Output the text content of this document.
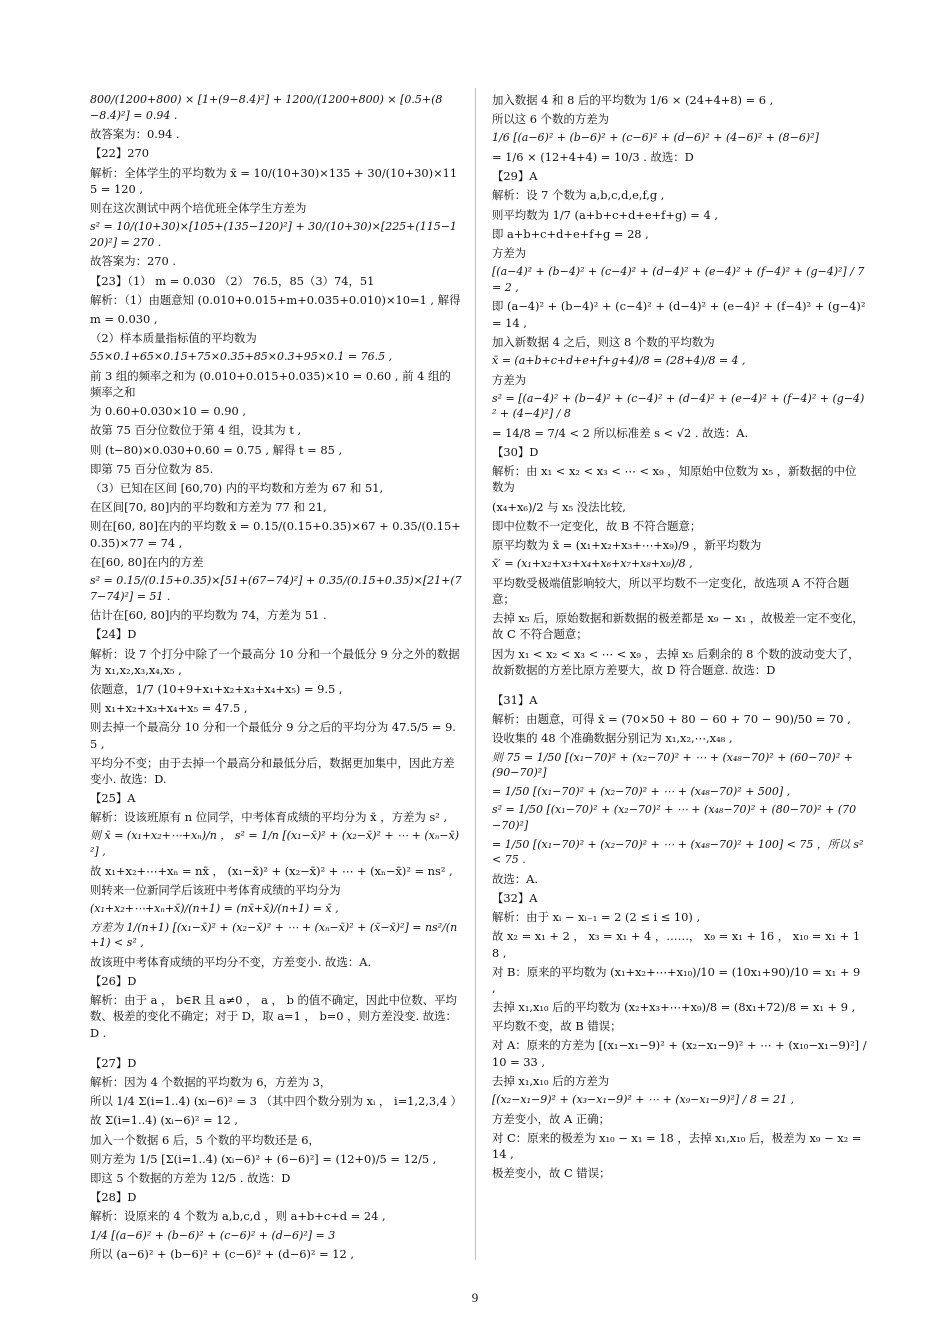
800/(1200+800) × [1+(9−8.4)²] + 1200/(1200+800) × [0.5+(8−8.4)²] = 0.94 .
故答案为：0.94 .
【22】270
解析：全体学生的平均数为 x̄ = 10/(10+30)×135 + 30/(10+30)×115 = 120 ,
则在这次测试中两个培优班全体学生方差为
s² = 10/(10+30)×[105+(135−120)²] + 30/(10+30)×[225+(115−120)²] = 270 .
故答案为：270 .
【23】（1） m = 0.030 （2） 76.5，85（3）74，51
解析：（1）由题意知 (0.010+0.015+m+0.035+0.010)×10=1 , 解得
m = 0.030 ,
（2）样本质量指标值的平均数为
55×0.1+65×0.15+75×0.35+85×0.3+95×0.1 = 76.5 ,
前 3 组的频率之和为 (0.010+0.015+0.035)×10 = 0.60 , 前 4 组的频率之和
为 0.60+0.030×10 = 0.90 ,
故第 75 百分位数位于第 4 组，设其为 t ,
则 (t−80)×0.030+0.60 = 0.75 , 解得 t = 85 ,
即第 75 百分位数为 85.
（3）已知在区间 [60,70) 内的平均数和方差为 67 和 51,
在区间[70, 80]内的平均数和方差为 77 和 21,
则在[60, 80]在内的平均数 x̄ = 0.15/(0.15+0.35)×67 + 0.35/(0.15+0.35)×77 = 74 ,
在[60, 80]在内的方差
s² = 0.15/(0.15+0.35)×[51+(67−74)²] + 0.35/(0.15+0.35)×[21+(77−74)²] = 51 .
估计在[60, 80]内的平均数为 74，方差为 51 .
【24】D
解析：设 7 个打分中除了一个最高分 10 分和一个最低分 9 分之外的数据为 x₁,x₂,x₃,x₄,x₅ ,
依题意，1/7 (10+9+x₁+x₂+x₃+x₄+x₅) = 9.5 ,
则 x₁+x₂+x₃+x₄+x₅ = 47.5 ,
则去掉一个最高分 10 分和一个最低分 9 分之后的平均分为 47.5/5 = 9.5 ,
平均分不变；由于去掉一个最高分和最低分后，数据更加集中，因此方差变小. 故选：D.
【25】A
解析：设该班原有 n 位同学，中考体育成绩的平均分为 x̄ ，方差为 s² ,
则 x̄ = (x₁+x₂+⋯+xₙ)/n ， s² = 1/n [(x₁−x̄)² + (x₂−x̄)² + ⋯ + (xₙ−x̄)²] ,
故 x₁+x₂+⋯+xₙ = nx̄ ， (x₁−x̄)² + (x₂−x̄)² + ⋯ + (xₙ−x̄)² = ns² ,
则转来一位新同学后该班中考体育成绩的平均分为
(x₁+x₂+⋯+xₙ+x̄)/(n+1) = (nx̄+x̄)/(n+1) = x̄ ,
方差为 1/(n+1) [(x₁−x̄)² + (x₂−x̄)² + ⋯ + (xₙ−x̄)² + (x̄−x̄)²] = ns²/(n+1) < s² ,
故该班中考体育成绩的平均分不变，方差变小. 故选：A.
【26】D
解析：由于 a ， b∈R 且 a≠0 ， a ， b 的值不确定，因此中位数、平均数、极差的变化不确定；对于 D，取 a=1 ， b=0 ，则方差没变. 故选：D .
【27】D
解析：因为 4 个数据的平均数为 6，方差为 3，
所以 1/4 Σ(i=1..4) (xᵢ−6)² = 3 （其中四个数分别为 xᵢ ， i=1,2,3,4 ）
故 Σ(i=1..4) (xᵢ−6)² = 12 ,
加入一个数据 6 后，5 个数的平均数还是 6，
则方差为 1/5 [Σ(i=1..4) (xᵢ−6)² + (6−6)²] = (12+0)/5 = 12/5 ,
即这 5 个数据的方差为 12/5 . 故选：D
【28】D
解析：设原来的 4 个数为 a,b,c,d ，则 a+b+c+d = 24 ,
1/4 [(a−6)² + (b−6)² + (c−6)² + (d−6)²] = 3
所以 (a−6)² + (b−6)² + (c−6)² + (d−6)² = 12 ,
加入数据 4 和 8 后的平均数为 1/6 × (24+4+8) = 6 ,
所以这 6 个数的方差为
1/6 [(a−6)² + (b−6)² + (c−6)² + (d−6)² + (4−6)² + (8−6)²]
= 1/6 × (12+4+4) = 10/3 . 故选：D
【29】A
解析：设 7 个数为 a,b,c,d,e,f,g ,
则平均数为 1/7 (a+b+c+d+e+f+g) = 4 ,
即 a+b+c+d+e+f+g = 28 ,
方差为
[(a−4)² + (b−4)² + (c−4)² + (d−4)² + (e−4)² + (f−4)² + (g−4)²] / 7 = 2 ,
即 (a−4)² + (b−4)² + (c−4)² + (d−4)² + (e−4)² + (f−4)² + (g−4)² = 14 ,
加入新数据 4 之后，则这 8 个数的平均数为
x̄ = (a+b+c+d+e+f+g+4)/8 = (28+4)/8 = 4 ,
方差为
s² = [(a−4)² + (b−4)² + (c−4)² + (d−4)² + (e−4)² + (f−4)² + (g−4)² + (4−4)²] / 8
= 14/8 = 7/4 < 2 所以标准差 s < √2 . 故选：A.
【30】D
解析：由 x₁ < x₂ < x₃ < ⋯ < x₉ ，知原始中位数为 x₅ ，新数据的中位数为
(x₄+x₆)/2 与 x₅ 没法比较,
即中位数不一定变化，故 B 不符合题意；
原平均数为 x̄ = (x₁+x₂+x₃+⋯+x₉)/9 ，新平均数为
x̄′ = (x₁+x₂+x₃+x₄+x₆+x₇+x₈+x₉)/8 ,
平均数受极端值影响较大，所以平均数不一定变化，故选项 A 不符合题意；
去掉 x₅ 后，原始数据和新数据的极差都是 x₉ − x₁ ，故极差一定不变化，故 C 不符合题意；
因为 x₁ < x₂ < x₃ < ⋯ < x₉ ，去掉 x₅ 后剩余的 8 个数的波动变大了，故新数据的方差比原方差要大，故 D 符合题意. 故选：D
【31】A
解析：由题意，可得 x̄ = (70×50 + 80 − 60 + 70 − 90)/50 = 70 ,
设收集的 48 个准确数据分别记为 x₁,x₂,⋯,x₄₈ ,
则 75 = 1/50 [(x₁−70)² + (x₂−70)² + ⋯ + (x₄₈−70)² + (60−70)² + (90−70)²]
= 1/50 [(x₁−70)² + (x₂−70)² + ⋯ + (x₄₈−70)² + 500] ,
s² = 1/50 [(x₁−70)² + (x₂−70)² + ⋯ + (x₄₈−70)² + (80−70)² + (70−70)²]
= 1/50 [(x₁−70)² + (x₂−70)² + ⋯ + (x₄₈−70)² + 100] < 75 ，所以 s² < 75 .
故选：A.
【32】A
解析：由于 xᵢ − xᵢ₋₁ = 2 (2 ≤ i ≤ 10) ,
故 x₂ = x₁ + 2 ， x₃ = x₁ + 4 ，……， x₉ = x₁ + 16 ， x₁₀ = x₁ + 18 ,
对 B：原来的平均数为 (x₁+x₂+⋯+x₁₀)/10 = (10x₁+90)/10 = x₁ + 9 ,
去掉 x₁,x₁₀ 后的平均数为 (x₂+x₃+⋯+x₉)/8 = (8x₁+72)/8 = x₁ + 9 ,
平均数不变，故 B 错误；
对 A：原来的方差为 [(x₁−x₁−9)² + (x₂−x₁−9)² + ⋯ + (x₁₀−x₁−9)²] / 10 = 33 ,
去掉 x₁,x₁₀ 后的方差为
[(x₂−x₁−9)² + (x₃−x₁−9)² + ⋯ + (x₉−x₁−9)²] / 8 = 21 ,
方差变小，故 A 正确；
对 C：原来的极差为 x₁₀ − x₁ = 18 ，去掉 x₁,x₁₀ 后，极差为 x₉ − x₂ = 14 ,
极差变小，故 C 错误；
9
